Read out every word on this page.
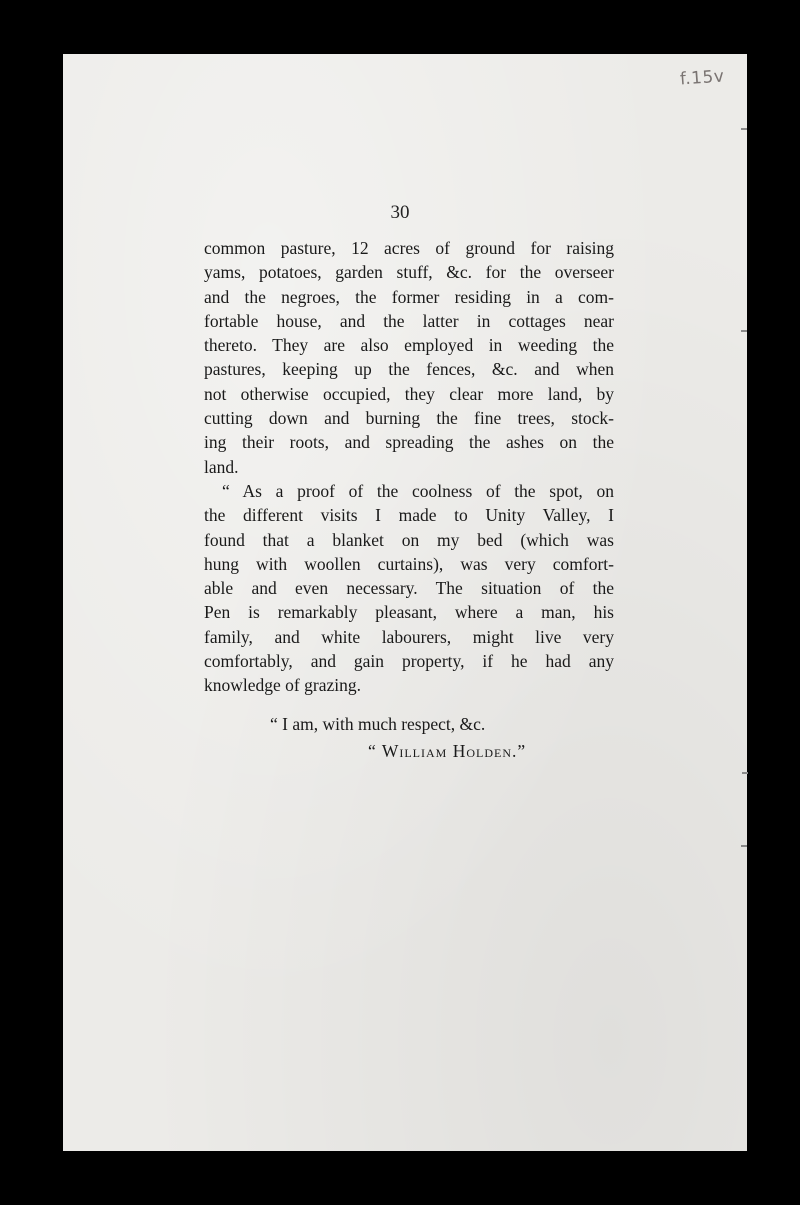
f.15v
30
common pasture, 12 acres of ground for raising
yams, potatoes, garden stuff, &c. for the overseer
and the negroes, the former residing in a com-
fortable house, and the latter in cottages near
thereto. They are also employed in weeding the
pastures, keeping up the fences, &c. and when
not otherwise occupied, they clear more land, by
cutting down and burning the fine trees, stock-
ing their roots, and spreading the ashes on the
land.
“ As a proof of the coolness of the spot, on
the different visits I made to Unity Valley, I
found that a blanket on my bed (which was
hung with woollen curtains), was very comfort-
able and even necessary. The situation of the
Pen is remarkably pleasant, where a man, his
family, and white labourers, might live very
comfortably, and gain property, if he had any
knowledge of grazing.
“ I am, with much respect, &c.
“ William Holden.”
